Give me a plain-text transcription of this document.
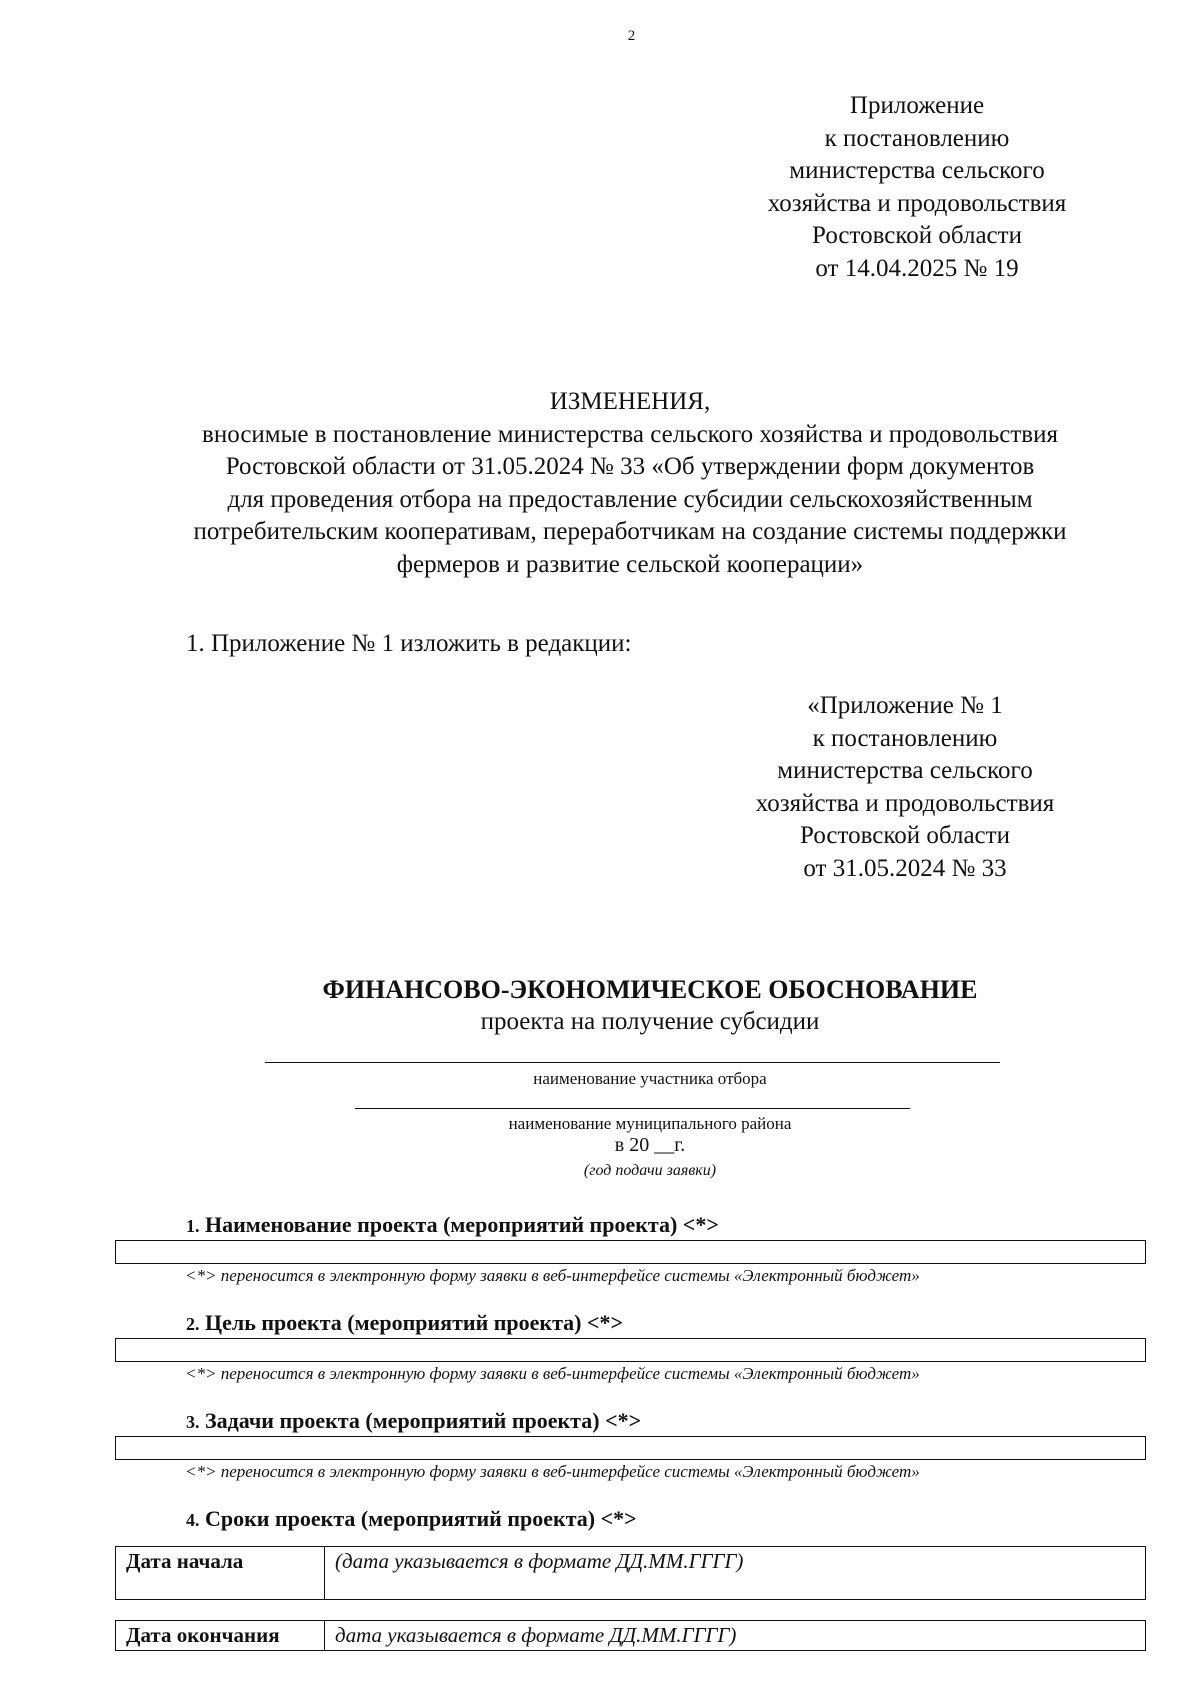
2
Приложение
к постановлению
министерства сельского
хозяйства и продовольствия
Ростовской области
от 14.04.2025 № 19
ИЗМЕНЕНИЯ,
вносимые в постановление министерства сельского хозяйства и продовольствия
Ростовской области от 31.05.2024 № 33 «Об утверждении форм документов
для проведения отбора на предоставление субсидии сельскохозяйственным
потребительским кооперативам, переработчикам на создание системы поддержки
фермеров и развитие сельской кооперации»
1. Приложение № 1 изложить в редакции:
«Приложение № 1
к постановлению
министерства сельского
хозяйства и продовольствия
Ростовской области
от 31.05.2024 № 33
ФИНАНСОВО-ЭКОНОМИЧЕСКОЕ ОБОСНОВАНИЕ
проекта на получение субсидии
наименование участника отбора
наименование муниципального района
в 20 __г.
(год подачи заявки)
1. Наименование проекта (мероприятий проекта) <*>
<*> переносится в электронную форму заявки в веб-интерфейсе системы «Электронный бюджет»
2. Цель проекта (мероприятий проекта) <*>
<*> переносится в электронную форму заявки в веб-интерфейсе системы «Электронный бюджет»
3. Задачи проекта (мероприятий проекта) <*>
<*> переносится в электронную форму заявки в веб-интерфейсе системы «Электронный бюджет»
4. Сроки проекта (мероприятий проекта) <*>
Дата начала	(дата указывается в формате ДД.ММ.ГГГГ)
Дата окончания	дата указывается в формате ДД.ММ.ГГГГ)
